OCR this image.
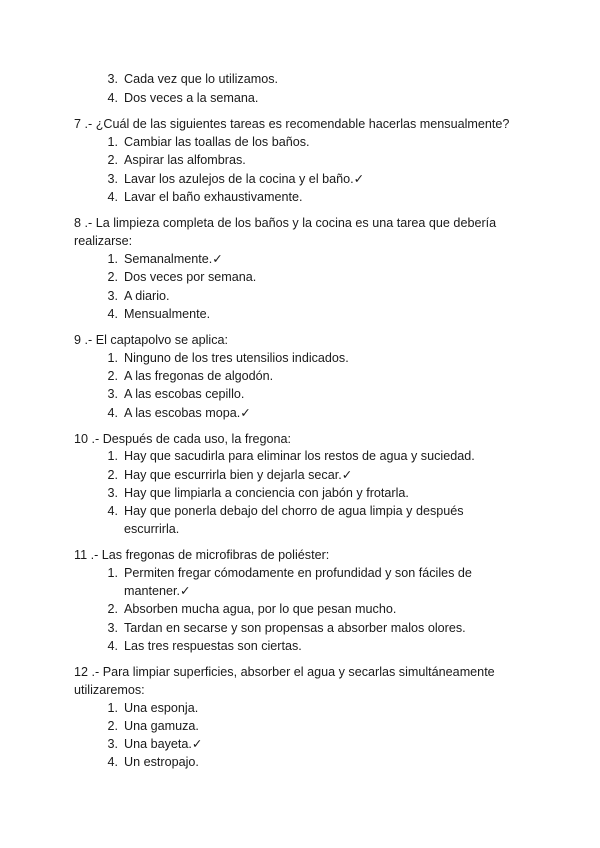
3. Cada vez que lo utilizamos.
4. Dos veces a la semana.
7 .- ¿Cuál de las siguientes tareas es recomendable hacerlas mensualmente?
1. Cambiar las toallas de los baños.
2. Aspirar las alfombras.
3. Lavar los azulejos de la cocina y el baño.✓
4. Lavar el baño exhaustivamente.
8 .- La limpieza completa de los baños y la cocina es una tarea que debería
realizarse:
1. Semanalmente.✓
2. Dos veces por semana.
3. A diario.
4. Mensualmente.
9 .- El captapolvo se aplica:
1. Ninguno de los tres utensilios indicados.
2. A las fregonas de algodón.
3. A las escobas cepillo.
4. A las escobas mopa.✓
10 .- Después de cada uso, la fregona:
1. Hay que sacudirla para eliminar los restos de agua y suciedad.
2. Hay que escurrirla bien y dejarla secar.✓
3. Hay que limpiarla a conciencia con jabón y frotarla.
4. Hay que ponerla debajo del chorro de agua limpia y después
escurrirla.
11 .- Las fregonas de microfibras de poliéster:
1. Permiten fregar cómodamente en profundidad y son fáciles de
mantener.✓
2. Absorben mucha agua, por lo que pesan mucho.
3. Tardan en secarse y son propensas a absorber malos olores.
4. Las tres respuestas son ciertas.
12 .- Para limpiar superficies, absorber el agua y secarlas simultáneamente
utilizaremos:
1. Una esponja.
2. Una gamuza.
3. Una bayeta.✓
4. Un estropajo.
